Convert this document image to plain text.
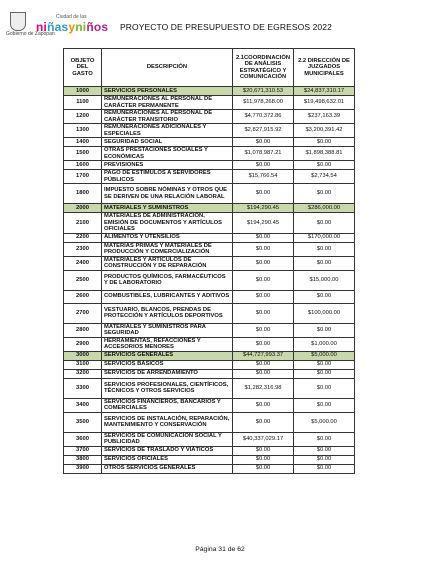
Gobierno de Zapopan
Ciudad de las
niñasyniños PROYECTO DE PRESUPUESTO DE EGRESOS 2022
OBJETO DEL GASTO	DESCRIPCIÓN	2.1COORDINACIÓN DE ANÁLISIS ESTRATÉGICO Y COMUNICACIÓN	2.2 DIRECCIÓN DE JUZGADOS MUNICIPALES
1000	SERVICIOS PERSONALES	$20,671,310.53	$24,837,310.17
1100	REMUNERACIONES AL PERSONAL DE CARÁCTER PERMANENTE	$11,978,268.00	$19,498,632.01
1200	REMUNERACIONES AL PERSONAL DE CARÁCTER TRANSITORIO	$4,770,372.86	$237,163.39
1300	REMUNERACIONES ADICIONALES Y ESPECIALES	$2,827,915.92	$3,200,391.42
1400	SEGURIDAD SOCIAL	$0.00	$0.00
1500	OTRAS PRESTACIONES SOCIALES Y ECONÓMICAS	$1,078,987.21	$1,898,388.81
1600	PREVISIONES	$0.00	$0.00
1700	PAGO DE ESTÍMULOS A SERVIDORES PÚBLICOS	$15,766.54	$2,734.54
1800	IMPUESTO SOBRE NÓMINAS Y OTROS QUE SE DERIVEN DE UNA RELACIÓN LABORAL	$0.00	$0.00
2000	MATERIALES Y SUMINISTROS	$194,290.45	$286,000.00
2100	MATERIALES DE ADMINISTRACIÓN, EMISIÓN DE DOCUMENTOS Y ARTÍCULOS OFICIALES	$194,290.45	$0.00
2200	ALIMENTOS Y UTENSILIOS	$0.00	$170,000.00
2300	MATERIAS PRIMAS Y MATERIALES DE PRODUCCIÓN Y COMERCIALIZACIÓN	$0.00	$0.00
2400	MATERIALES Y ARTÍCULOS DE CONSTRUCCIÓN Y DE REPARACIÓN	$0.00	$0.00
2500	PRODUCTOS QUÍMICOS, FARMACÉUTICOS Y DE LABORATORIO	$0.00	$15,000.00
2600	COMBUSTIBLES, LUBRICANTES Y ADITIVOS	$0.00	$0.00
2700	VESTUARIO, BLANCOS, PRENDAS DE PROTECCIÓN Y ARTÍCULOS DEPORTIVOS	$0.00	$100,000.00
2800	MATERIALES Y SUMINISTROS PARA SEGURIDAD	$0.00	$0.00
2900	HERRAMIENTAS, REFACCIONES Y ACCESORIOS MENORES	$0.00	$1,000.00
3000	SERVICIOS GENERALES	$44,727,993.37	$5,000.00
3100	SERVICIOS BÁSICOS	$0.00	$0.00
3200	SERVICIOS DE ARRENDAMIENTO	$0.00	$0.00
3300	SERVICIOS PROFESIONALES, CIENTÍFICOS, TÉCNICOS Y OTROS SERVICIOS	$1,282,316.98	$0.00
3400	SERVICIOS FINANCIEROS, BANCARIOS Y COMERCIALES	$0.00	$0.00
3500	SERVICIOS DE INSTALACIÓN, REPARACIÓN, MANTENIMIENTO Y CONSERVACIÓN	$0.00	$5,000.00
3600	SERVICIOS DE COMUNICACIÓN SOCIAL Y PUBLICIDAD	$40,337,029.17	$0.00
3700	SERVICIOS DE TRASLADO Y VIÁTICOS	$0.00	$0.00
3800	SERVICIOS OFICIALES	$0.00	$0.00
3900	OTROS SERVICIOS GENERALES	$0.00	$0.00
Página 31 de 62
